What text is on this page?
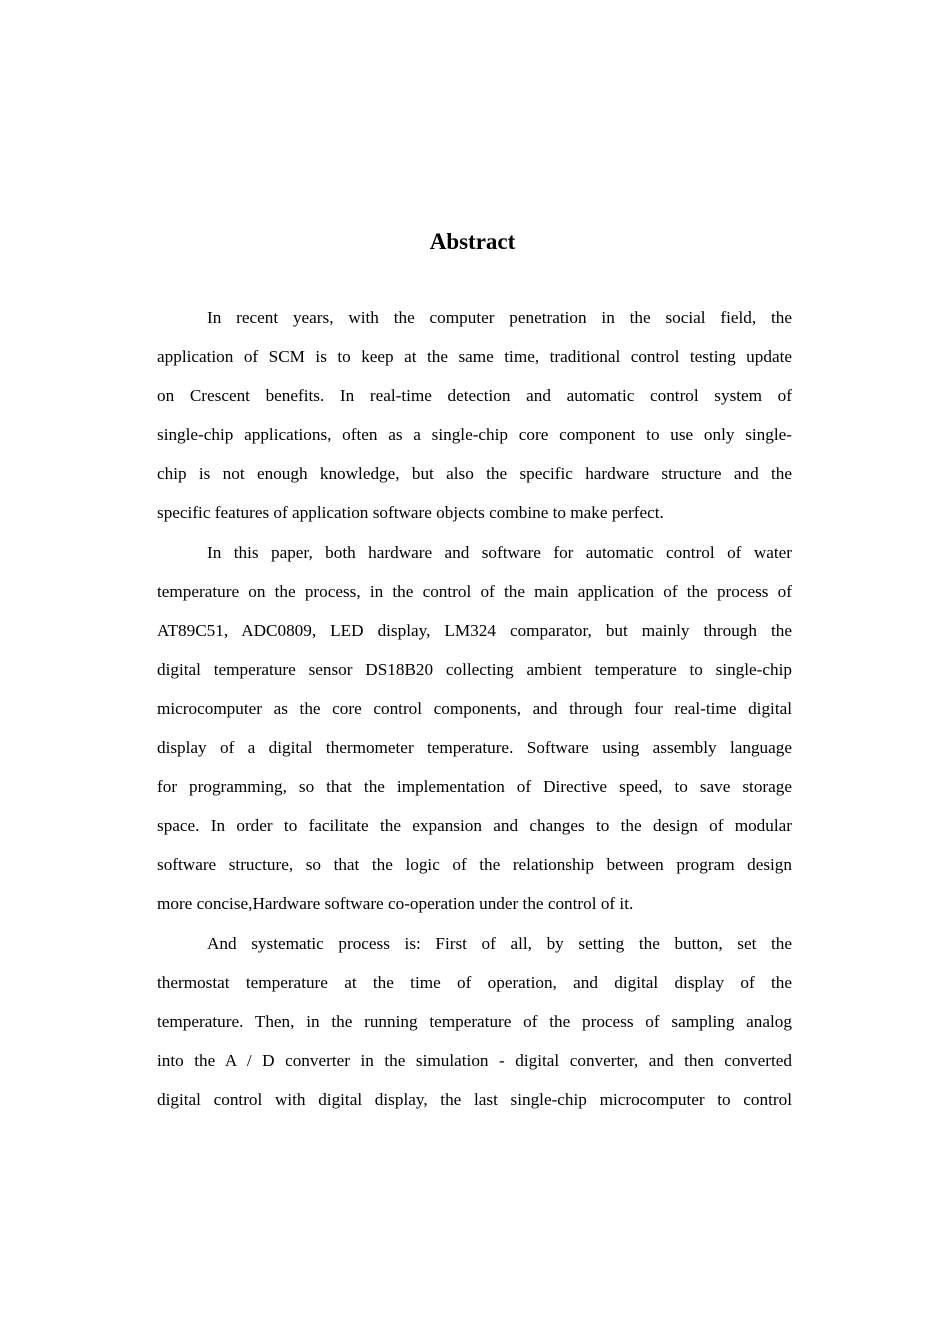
Abstract
In recent years, with the computer penetration in the social field, the
application of SCM is to keep at the same time, traditional control testing update
on Crescent benefits. In real-time detection and automatic control system of
single-chip applications, often as a single-chip core component to use only single-
chip is not enough knowledge, but also the specific hardware structure and the
specific features of application software objects combine to make perfect.
In this paper, both hardware and software for automatic control of water
temperature on the process, in the control of the main application of the process of
AT89C51, ADC0809, LED display, LM324 comparator, but mainly through the
digital temperature sensor DS18B20 collecting ambient temperature to single-chip
microcomputer as the core control components, and through four real-time digital
display of a digital thermometer temperature. Software using assembly language
for programming, so that the implementation of Directive speed, to save storage
space. In order to facilitate the expansion and changes to the design of modular
software structure, so that the logic of the relationship between program design
more concise,Hardware software co-operation under the control of it.
And systematic process is: First of all, by setting the button, set the
thermostat temperature at the time of operation, and digital display of the
temperature. Then, in the running temperature of the process of sampling analog
into the A / D converter in the simulation - digital converter, and then converted
digital control with digital display, the last single-chip microcomputer to control
